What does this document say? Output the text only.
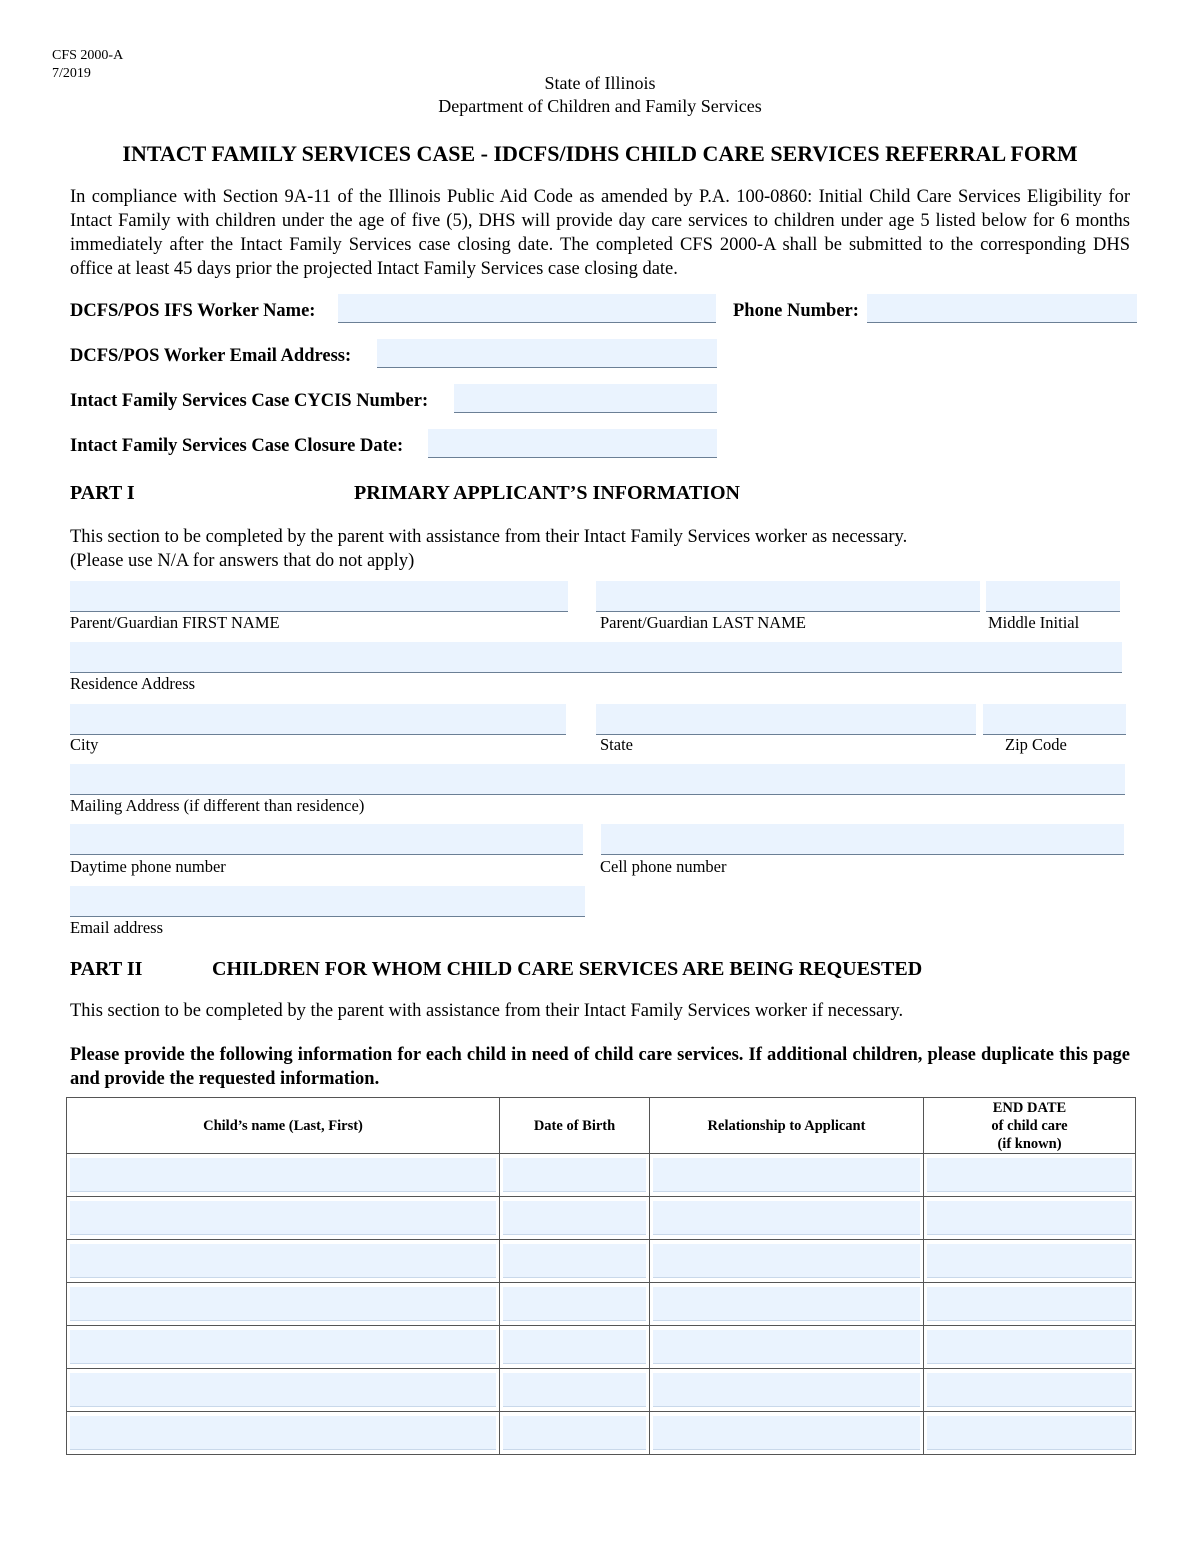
CFS 2000-A
7/2019	State of Illinois
Department of Children and Family Services
INTACT FAMILY SERVICES CASE - IDCFS/IDHS CHILD CARE SERVICES REFERRAL FORM
In compliance with Section 9A-11 of the Illinois Public Aid Code as amended by P.A. 100-0860: Initial Child Care Services Eligibility for Intact Family with children under the age of five (5), DHS will provide day care services to children under age 5 listed below for 6 months immediately after the Intact Family Services case closing date. The completed CFS 2000-A shall be submitted to the corresponding DHS office at least 45 days prior the projected Intact Family Services case closing date.
DCFS/POS IFS Worker Name:	Phone Number:
DCFS/POS Worker Email Address:
Intact Family Services Case CYCIS Number:
Intact Family Services Case Closure Date:
PART I	PRIMARY APPLICANT’S INFORMATION
This section to be completed by the parent with assistance from their Intact Family Services worker as necessary.
(Please use N/A for answers that do not apply)
Parent/Guardian FIRST NAME	Parent/Guardian LAST NAME	Middle Initial
Residence Address
City	State	Zip Code
Mailing Address (if different than residence)
Daytime phone number	Cell phone number
Email address
PART II	CHILDREN FOR WHOM CHILD CARE SERVICES ARE BEING REQUESTED
This section to be completed by the parent with assistance from their Intact Family Services worker if necessary.
Please provide the following information for each child in need of child care services. If additional children, please duplicate this page and provide the requested information.
Child’s name (Last, First)	Date of Birth	Relationship to Applicant	END DATE
of child care
(if known)
